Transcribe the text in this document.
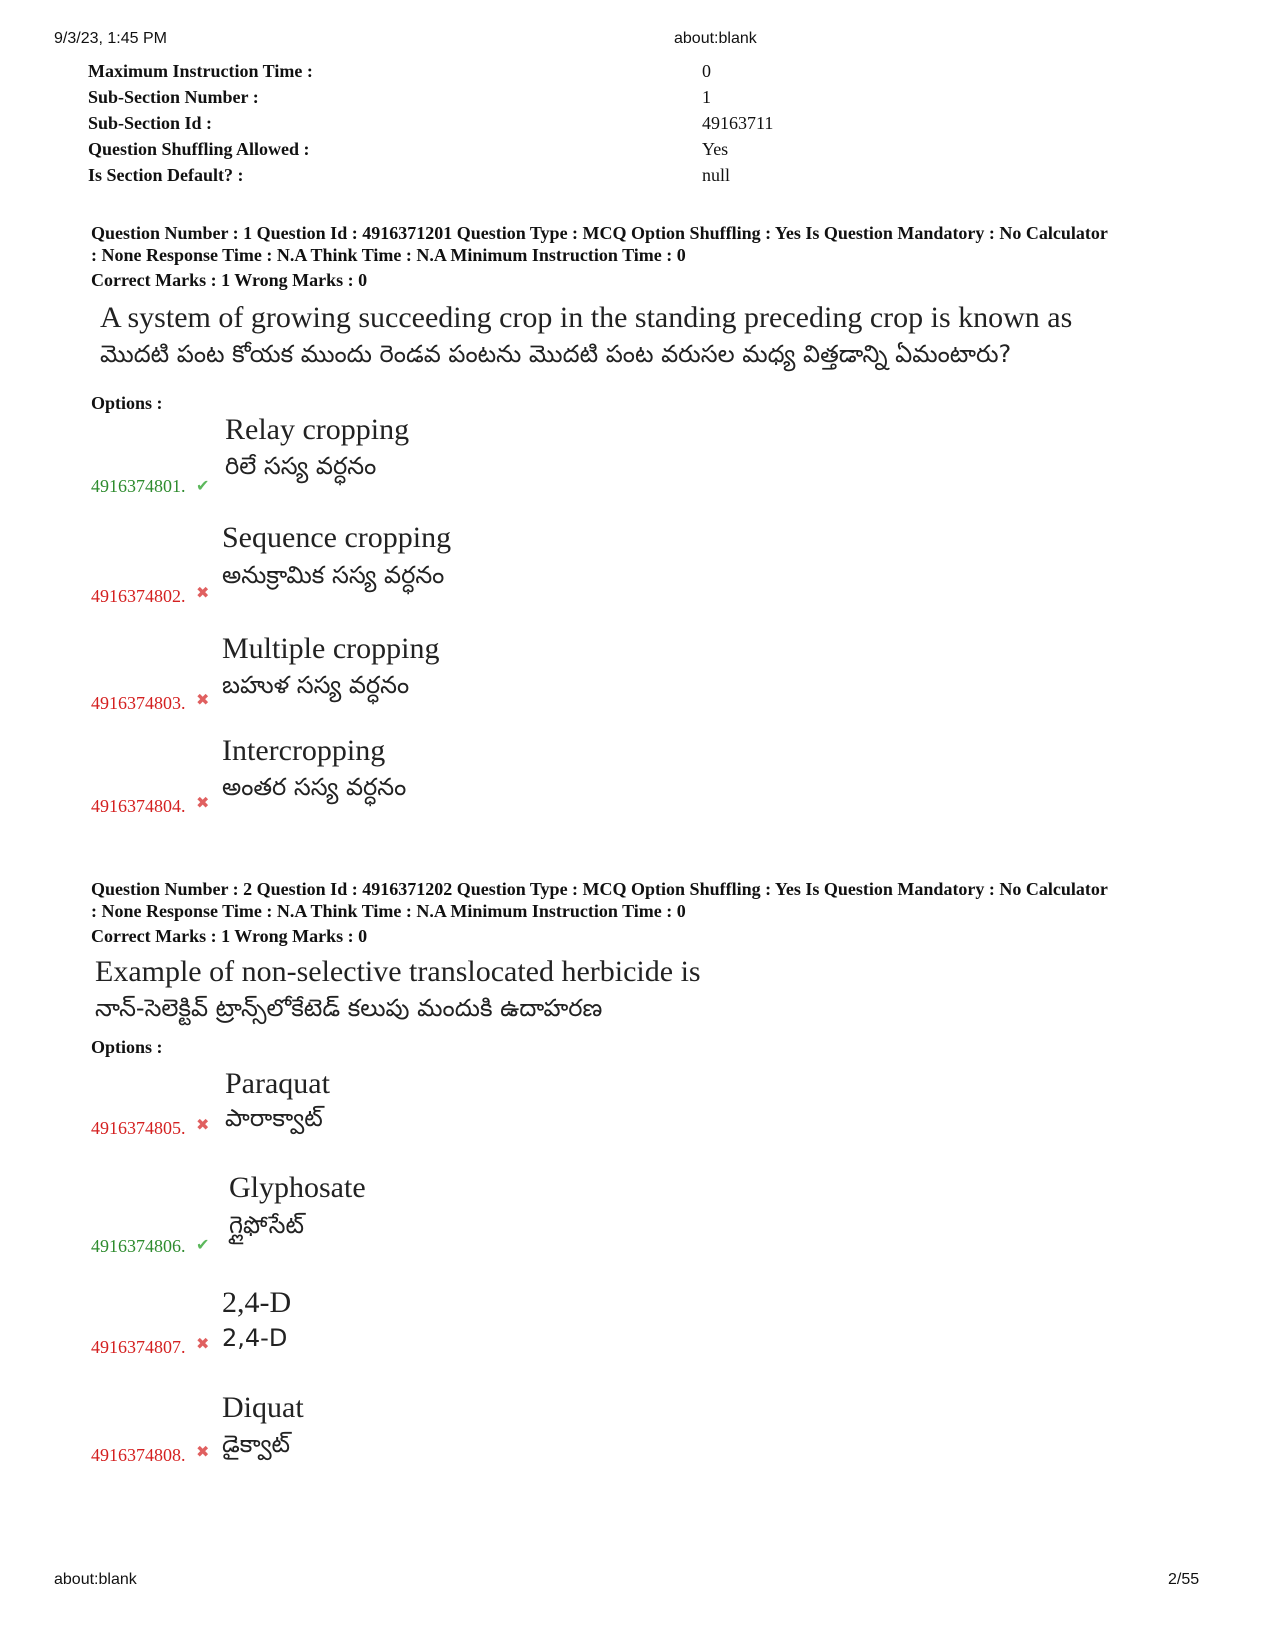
9/3/23, 1:45 PM	about:blank
about:blank	2/55
Maximum Instruction Time :	0
Sub-Section Number :	1
Sub-Section Id :	49163711
Question Shuffling Allowed :	Yes
Is Section Default? :	null
Question Number : 1 Question Id : 4916371201 Question Type : MCQ Option Shuffling : Yes Is Question Mandatory : No Calculator
: None Response Time : N.A Think Time : N.A Minimum Instruction Time : 0
Correct Marks : 1 Wrong Marks : 0
A system of growing succeeding crop in the standing preceding crop is known as
మొదటి పంట కోయక ముందు రెండవ పంటను మొదటి పంట వరుసల మధ్య విత్తడాన్ని ఏమంటారు?
Options :
Relay cropping
రిలే సస్య వర్ధనం
4916374801. ✔
Sequence cropping
అనుక్రామిక సస్య వర్ధనం
4916374802. ✖
Multiple cropping
బహుళ సస్య వర్ధనం
4916374803. ✖
Intercropping
అంతర సస్య వర్ధనం
4916374804. ✖
Question Number : 2 Question Id : 4916371202 Question Type : MCQ Option Shuffling : Yes Is Question Mandatory : No Calculator
: None Response Time : N.A Think Time : N.A Minimum Instruction Time : 0
Correct Marks : 1 Wrong Marks : 0
Example of non-selective translocated herbicide is
నాన్-సెలెక్టివ్ ట్రాన్స్‌లోకేటెడ్ కలుపు మందుకి ఉదాహరణ
Options :
Paraquat
పారాక్వాట్
4916374805. ✖
Glyphosate
గ్లైఫోసేట్
4916374806. ✔
2,4-D
2,4-D
4916374807. ✖
Diquat
డైక్వాట్
4916374808. ✖
